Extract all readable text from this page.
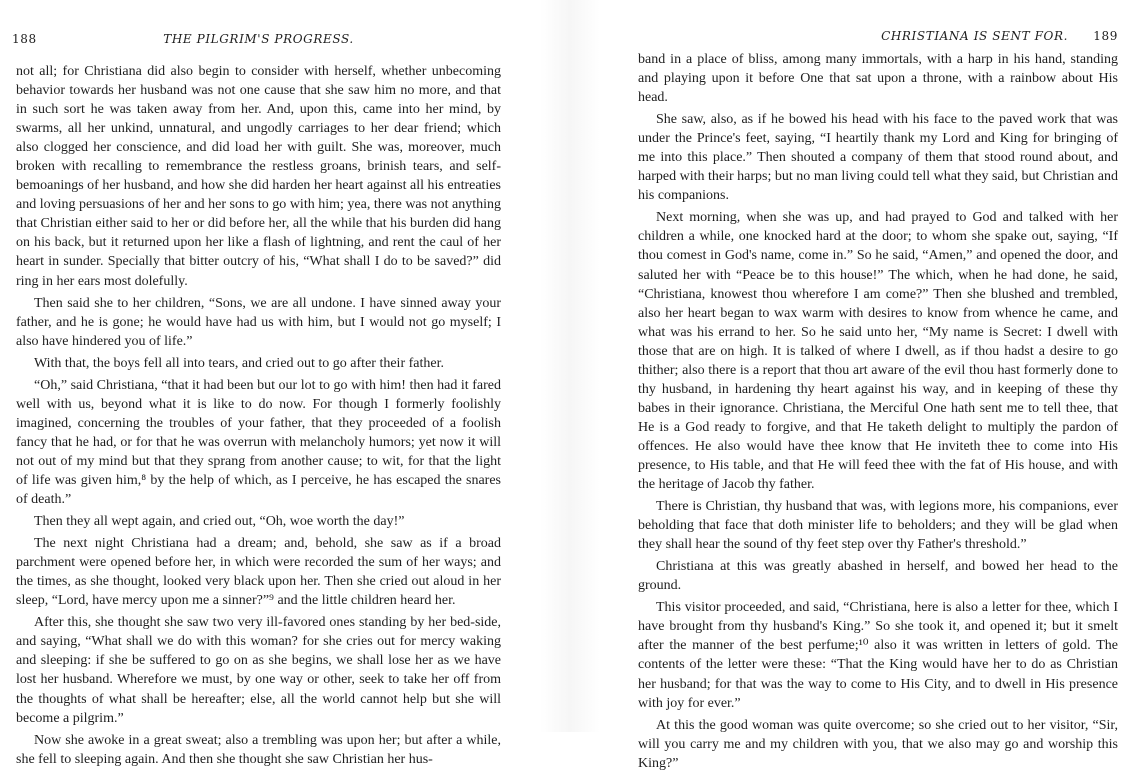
188	THE PILGRIM'S PROGRESS.

not all; for Christiana did also begin to consider with herself, whether unbecoming behavior towards her husband was not one cause that she saw him no more, and that in such sort he was taken away from her. And, upon this, came into her mind, by swarms, all her unkind, unnatural, and ungodly carriages to her dear friend; which also clogged her conscience, and did load her with guilt. She was, moreover, much broken with recalling to remembrance the restless groans, brinish tears, and self-bemoanings of her husband, and how she did harden her heart against all his entreaties and loving persuasions of her and her sons to go with him; yea, there was not anything that Christian either said to her or did before her, all the while that his burden did hang on his back, but it returned upon her like a flash of lightning, and rent the caul of her heart in sunder. Specially that bitter outcry of his, “What shall I do to be saved?” did ring in her ears most dolefully.

Then said she to her children, “Sons, we are all undone. I have sinned away your father, and he is gone; he would have had us with him, but I would not go myself; I also have hindered you of life.”

With that, the boys fell all into tears, and cried out to go after their father.

“Oh,” said Christiana, “that it had been but our lot to go with him! then had it fared well with us, beyond what it is like to do now. For though I formerly foolishly imagined, concerning the troubles of your father, that they proceeded of a foolish fancy that he had, or for that he was overrun with melancholy humors; yet now it will not out of my mind but that they sprang from another cause; to wit, for that the light of life was given him,⁸ by the help of which, as I perceive, he has escaped the snares of death.”

Then they all wept again, and cried out, “Oh, woe worth the day!”

The next night Christiana had a dream; and, behold, she saw as if a broad parchment were opened before her, in which were recorded the sum of her ways; and the times, as she thought, looked very black upon her. Then she cried out aloud in her sleep, “Lord, have mercy upon me a sinner?”⁹ and the little children heard her.

After this, she thought she saw two very ill-favored ones standing by her bed-side, and saying, “What shall we do with this woman? for she cries out for mercy waking and sleeping: if she be suffered to go on as she begins, we shall lose her as we have lost her husband. Wherefore we must, by one way or other, seek to take her off from the thoughts of what shall be hereafter; else, all the world cannot help but she will become a pilgrim.”

Now she awoke in a great sweat; also a trembling was upon her; but after a while, she fell to sleeping again. And then she thought she saw Christian her hus-

CHRISTIANA IS SENT FOR. 189

band in a place of bliss, among many immortals, with a harp in his hand, standing and playing upon it before One that sat upon a throne, with a rainbow about His head.

She saw, also, as if he bowed his head with his face to the paved work that was under the Prince's feet, saying, “I heartily thank my Lord and King for bringing of me into this place.” Then shouted a company of them that stood round about, and harped with their harps; but no man living could tell what they said, but Christian and his companions.

Next morning, when she was up, and had prayed to God and talked with her children a while, one knocked hard at the door; to whom she spake out, saying, “If thou comest in God's name, come in.” So he said, “Amen,” and opened the door, and saluted her with “Peace be to this house!” The which, when he had done, he said, “Christiana, knowest thou wherefore I am come?” Then she blushed and trembled, also her heart began to wax warm with desires to know from whence he came, and what was his errand to her. So he said unto her, “My name is Secret: I dwell with those that are on high. It is talked of where I dwell, as if thou hadst a desire to go thither; also there is a report that thou art aware of the evil thou hast formerly done to thy husband, in hardening thy heart against his way, and in keeping of these thy babes in their ignorance. Christiana, the Merciful One hath sent me to tell thee, that He is a God ready to forgive, and that He taketh delight to multiply the pardon of offences. He also would have thee know that He inviteth thee to come into His presence, to His table, and that He will feed thee with the fat of His house, and with the heritage of Jacob thy father.

There is Christian, thy husband that was, with legions more, his companions, ever beholding that face that doth minister life to beholders; and they will be glad when they shall hear the sound of thy feet step over thy Father's threshold.”

Christiana at this was greatly abashed in herself, and bowed her head to the ground.

This visitor proceeded, and said, “Christiana, here is also a letter for thee, which I have brought from thy husband's King.” So she took it, and opened it; but it smelt after the manner of the best perfume;¹⁰ also it was written in letters of gold. The contents of the letter were these: “That the King would have her to do as Christian her husband; for that was the way to come to His City, and to dwell in His presence with joy for ever.”

At this the good woman was quite overcome; so she cried out to her visitor, “Sir, will you carry me and my children with you, that we also may go and worship this King?”
